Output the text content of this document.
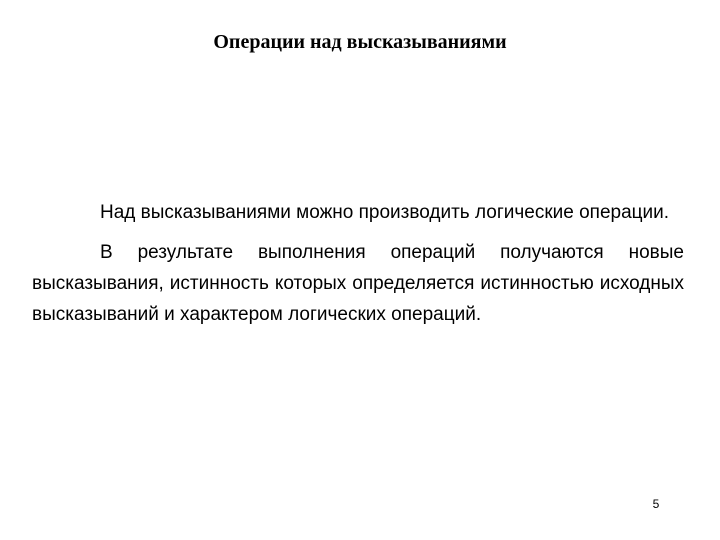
Операции над высказываниями

Над высказываниями можно производить логические операции.

В результате выполнения операций получаются новые высказывания, истинность которых определяется истинностью исходных высказываний и характером логических операций.

5
